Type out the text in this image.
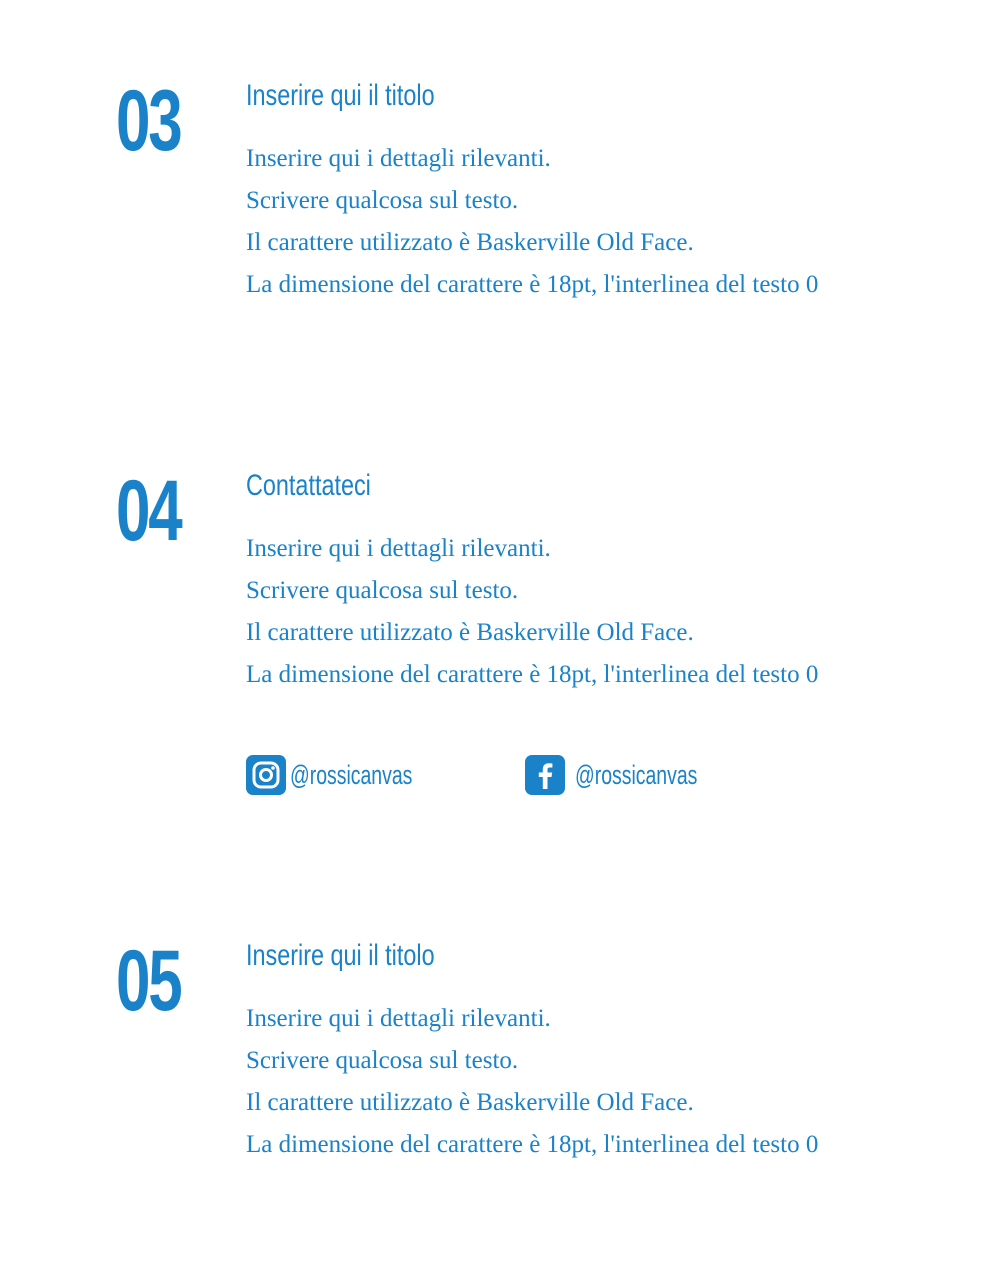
03 Inserire qui il titolo
Inserire qui i dettagli rilevanti.
Scrivere qualcosa sul testo.
Il carattere utilizzato è Baskerville Old Face.
La dimensione del carattere è 18pt, l'interlinea del testo 0
04 Contattateci
Inserire qui i dettagli rilevanti.
Scrivere qualcosa sul testo.
Il carattere utilizzato è Baskerville Old Face.
La dimensione del carattere è 18pt, l'interlinea del testo 0
@rossicanvas	@rossicanvas
05 Inserire qui il titolo
Inserire qui i dettagli rilevanti.
Scrivere qualcosa sul testo.
Il carattere utilizzato è Baskerville Old Face.
La dimensione del carattere è 18pt, l'interlinea del testo 0
